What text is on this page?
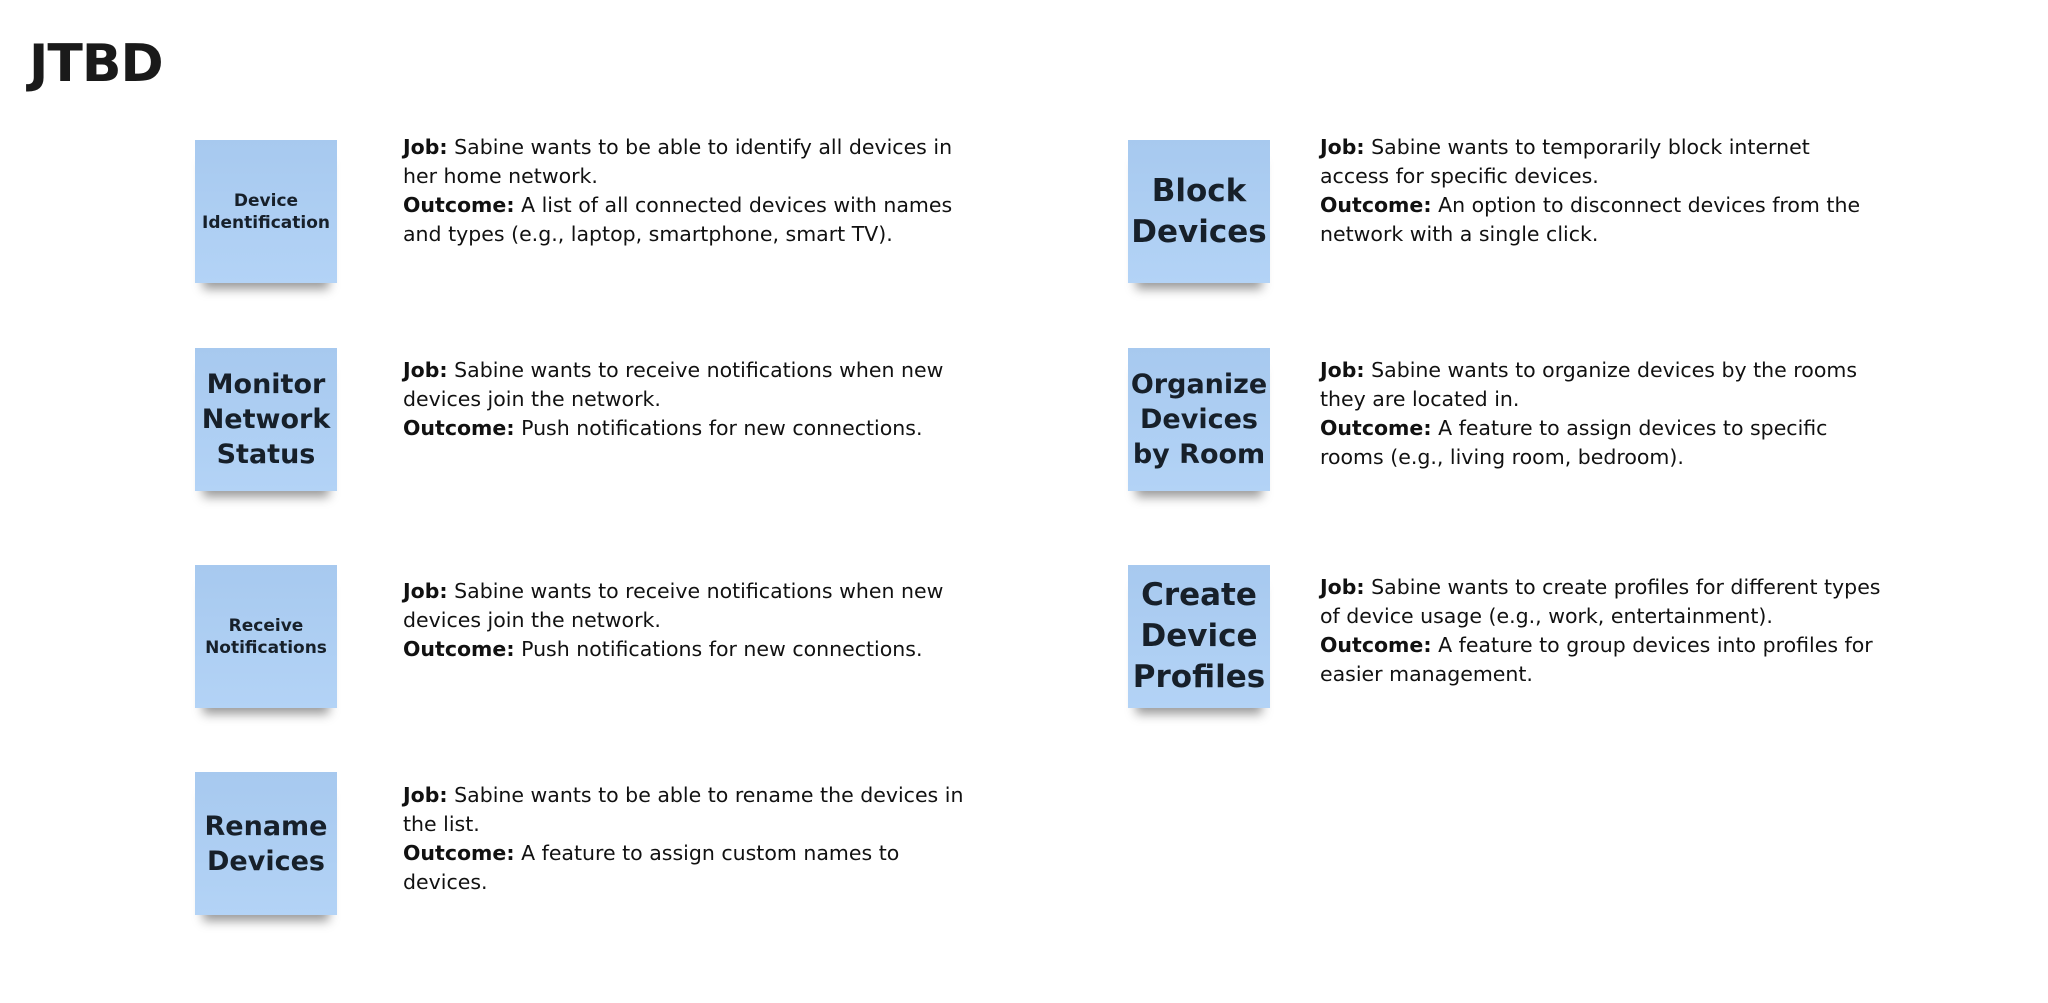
JTBD
Device Identification

Job: Sabine wants to be able to identify all devices in her home network.

Outcome: A list of all connected devices with names and types (e.g., laptop, smartphone, smart TV).

Block Devices

Job: Sabine wants to temporarily block internet access for specific devices.

Outcome: An option to disconnect devices from the network with a single click.

Monitor Network Status

Job: Sabine wants to receive notifications when new devices join the network.

Outcome: Push notifications for new connections.

Organize Devices by Room

Job: Sabine wants to organize devices by the rooms they are located in.

Outcome: A feature to assign devices to specific rooms (e.g., living room, bedroom).

Receive Notifications

Job: Sabine wants to receive notifications when new devices join the network.

Outcome: Push notifications for new connections.

Create Device Profiles

Job: Sabine wants to create profiles for different types of device usage (e.g., work, entertainment).

Outcome: A feature to group devices into profiles for easier management.

Rename Devices

Job: Sabine wants to be able to rename the devices in the list.

Outcome: A feature to assign custom names to devices.
